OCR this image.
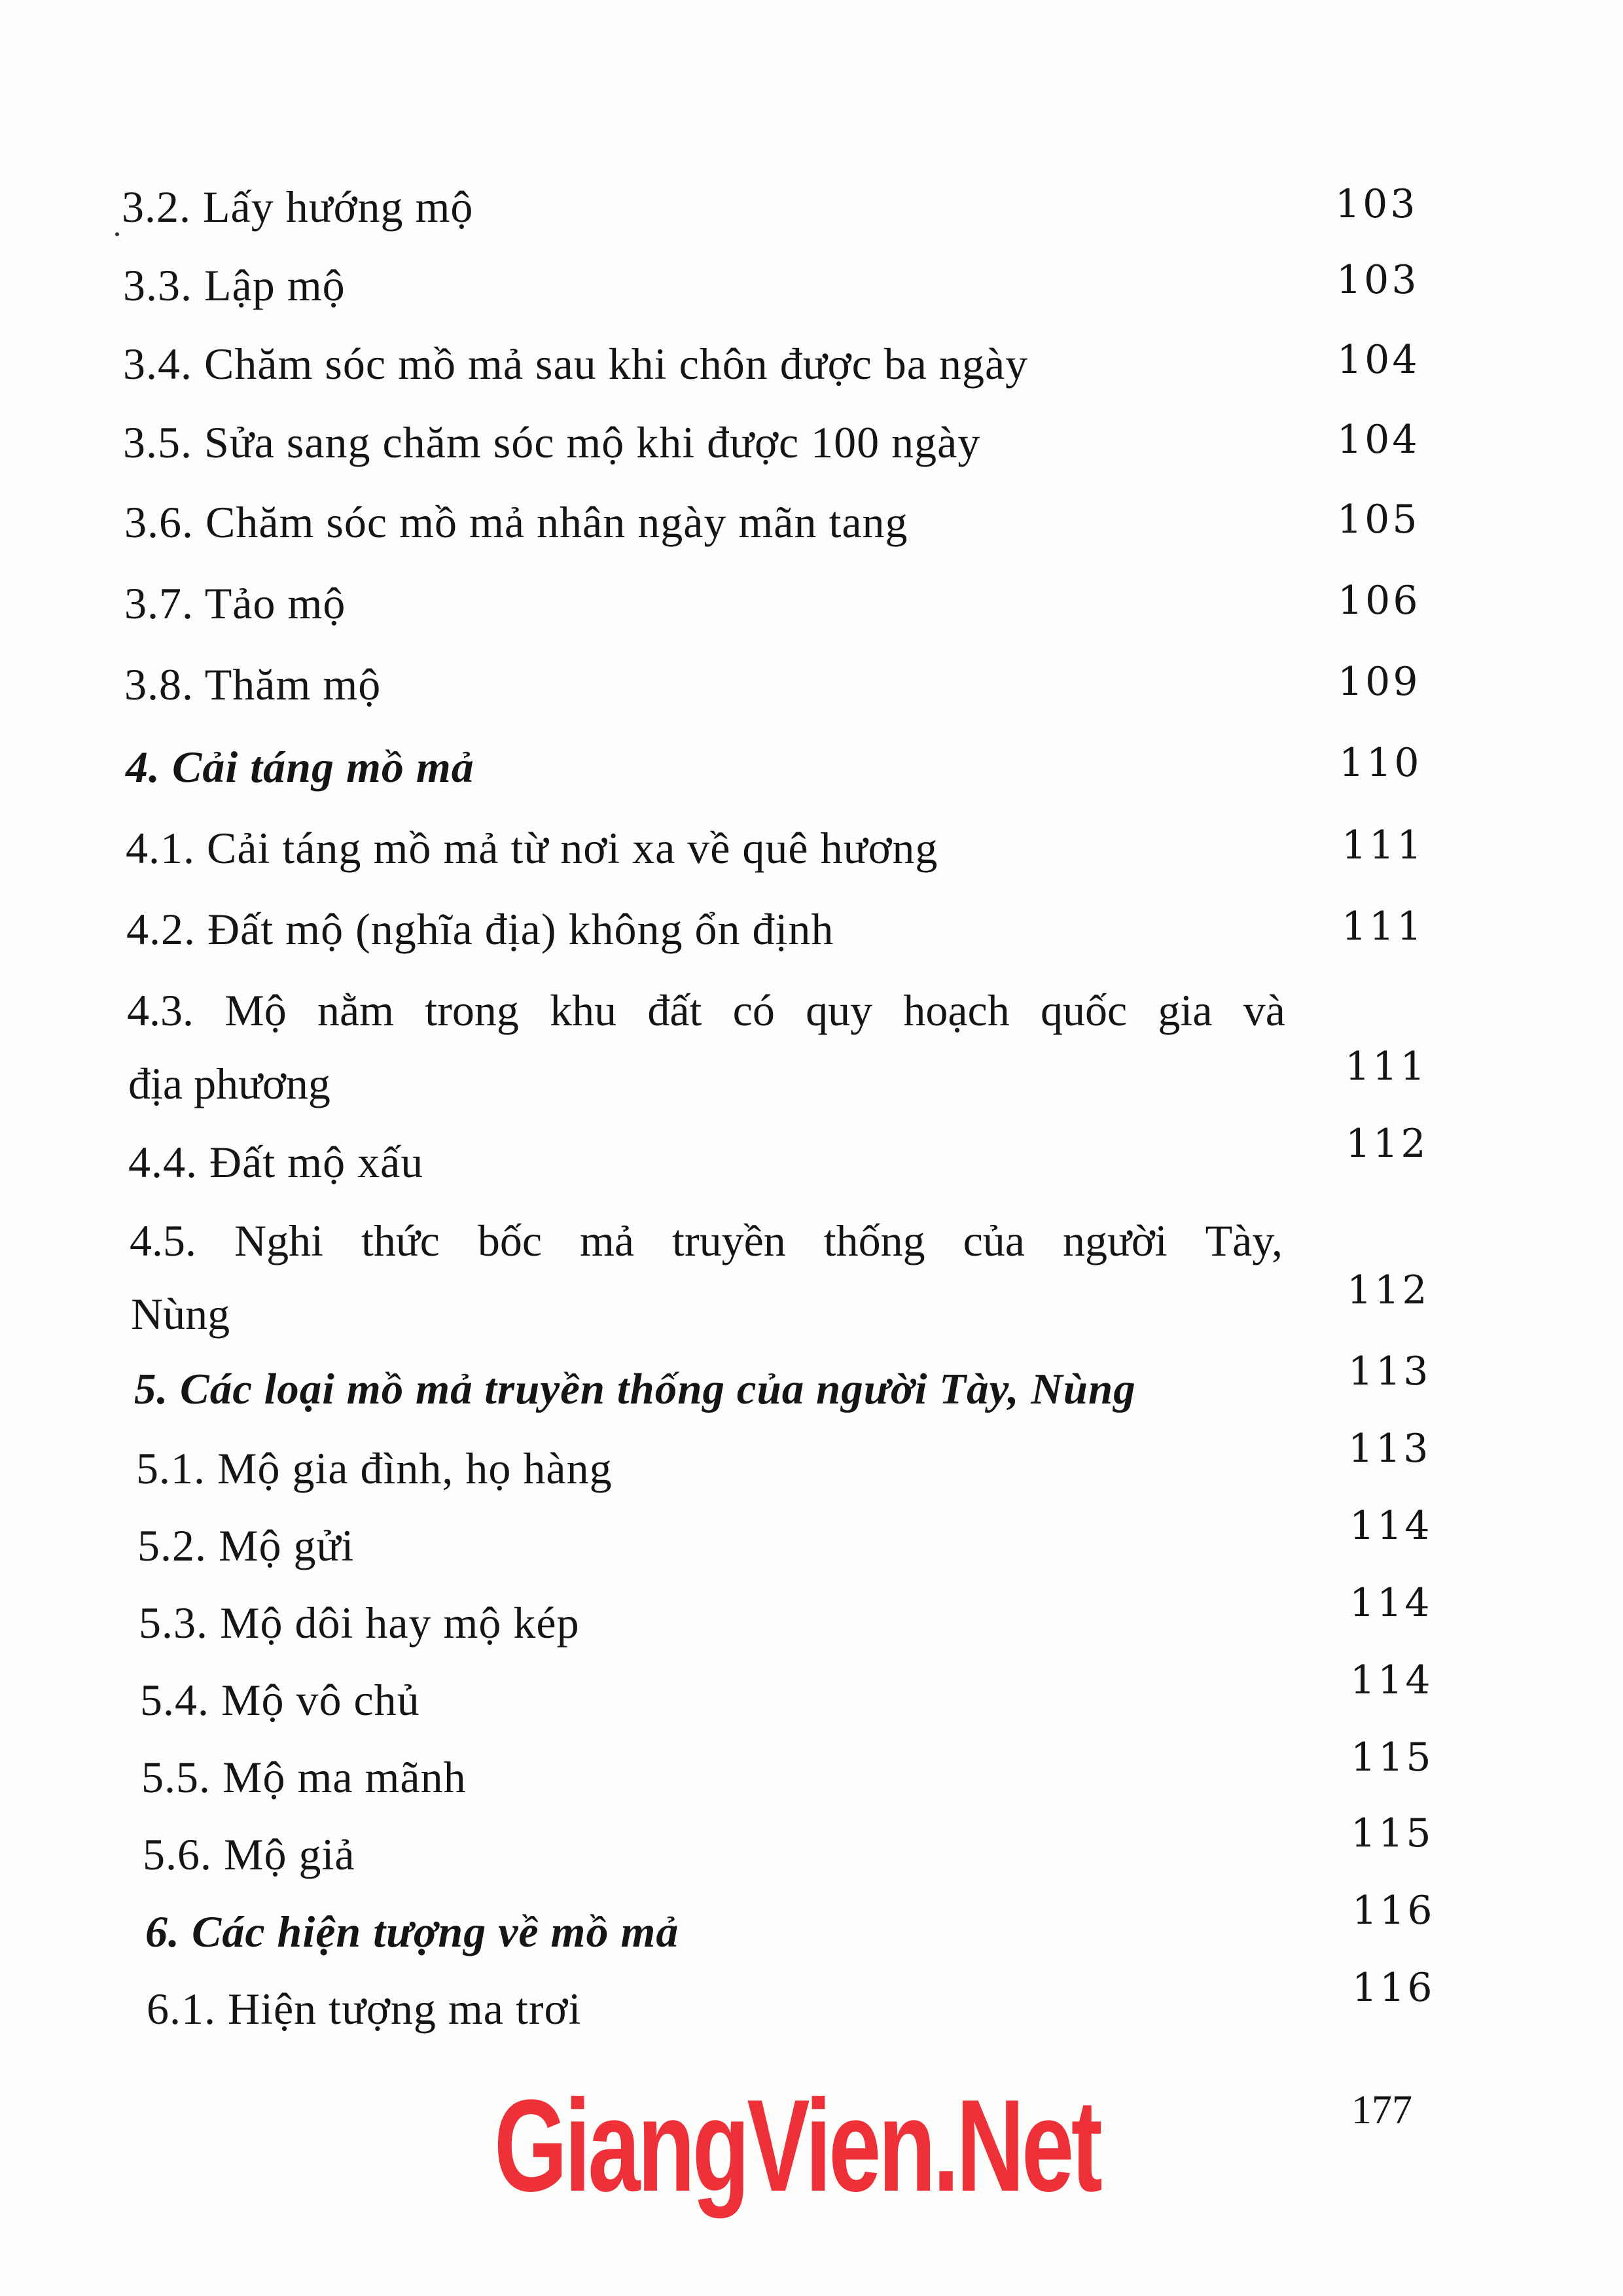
3.2. Lấy hướng mộ	103
3.3. Lập mộ	103
3.4. Chăm sóc mồ mả sau khi chôn được ba ngày	104
3.5. Sửa sang chăm sóc mộ khi được 100 ngày	104
3.6. Chăm sóc mồ mả nhân ngày mãn tang	105
3.7. Tảo mộ	106
3.8. Thăm mộ	109
4. Cải táng mồ mả	110
4.1. Cải táng mồ mả từ nơi xa về quê hương	111
4.2. Đất mộ (nghĩa địa) không ổn định	111
4.3. Mộ nằm trong khu đất có quy hoạch quốc gia và
địa phương	111
4.4. Đất mộ xấu	112
4.5. Nghi thức bốc mả truyền thống của người Tày,
Nùng	112
5. Các loại mồ mả truyền thống của người Tày, Nùng	113
5.1. Mộ gia đình, họ hàng	113
5.2. Mộ gửi	114
5.3. Mộ dôi hay mộ kép	114
5.4. Mộ vô chủ	114
5.5. Mộ ma mãnh	115
5.6. Mộ giả	115
6. Các hiện tượng về mồ mả	116
6.1. Hiện tượng ma trơi	116
GiangVien.Net	177
